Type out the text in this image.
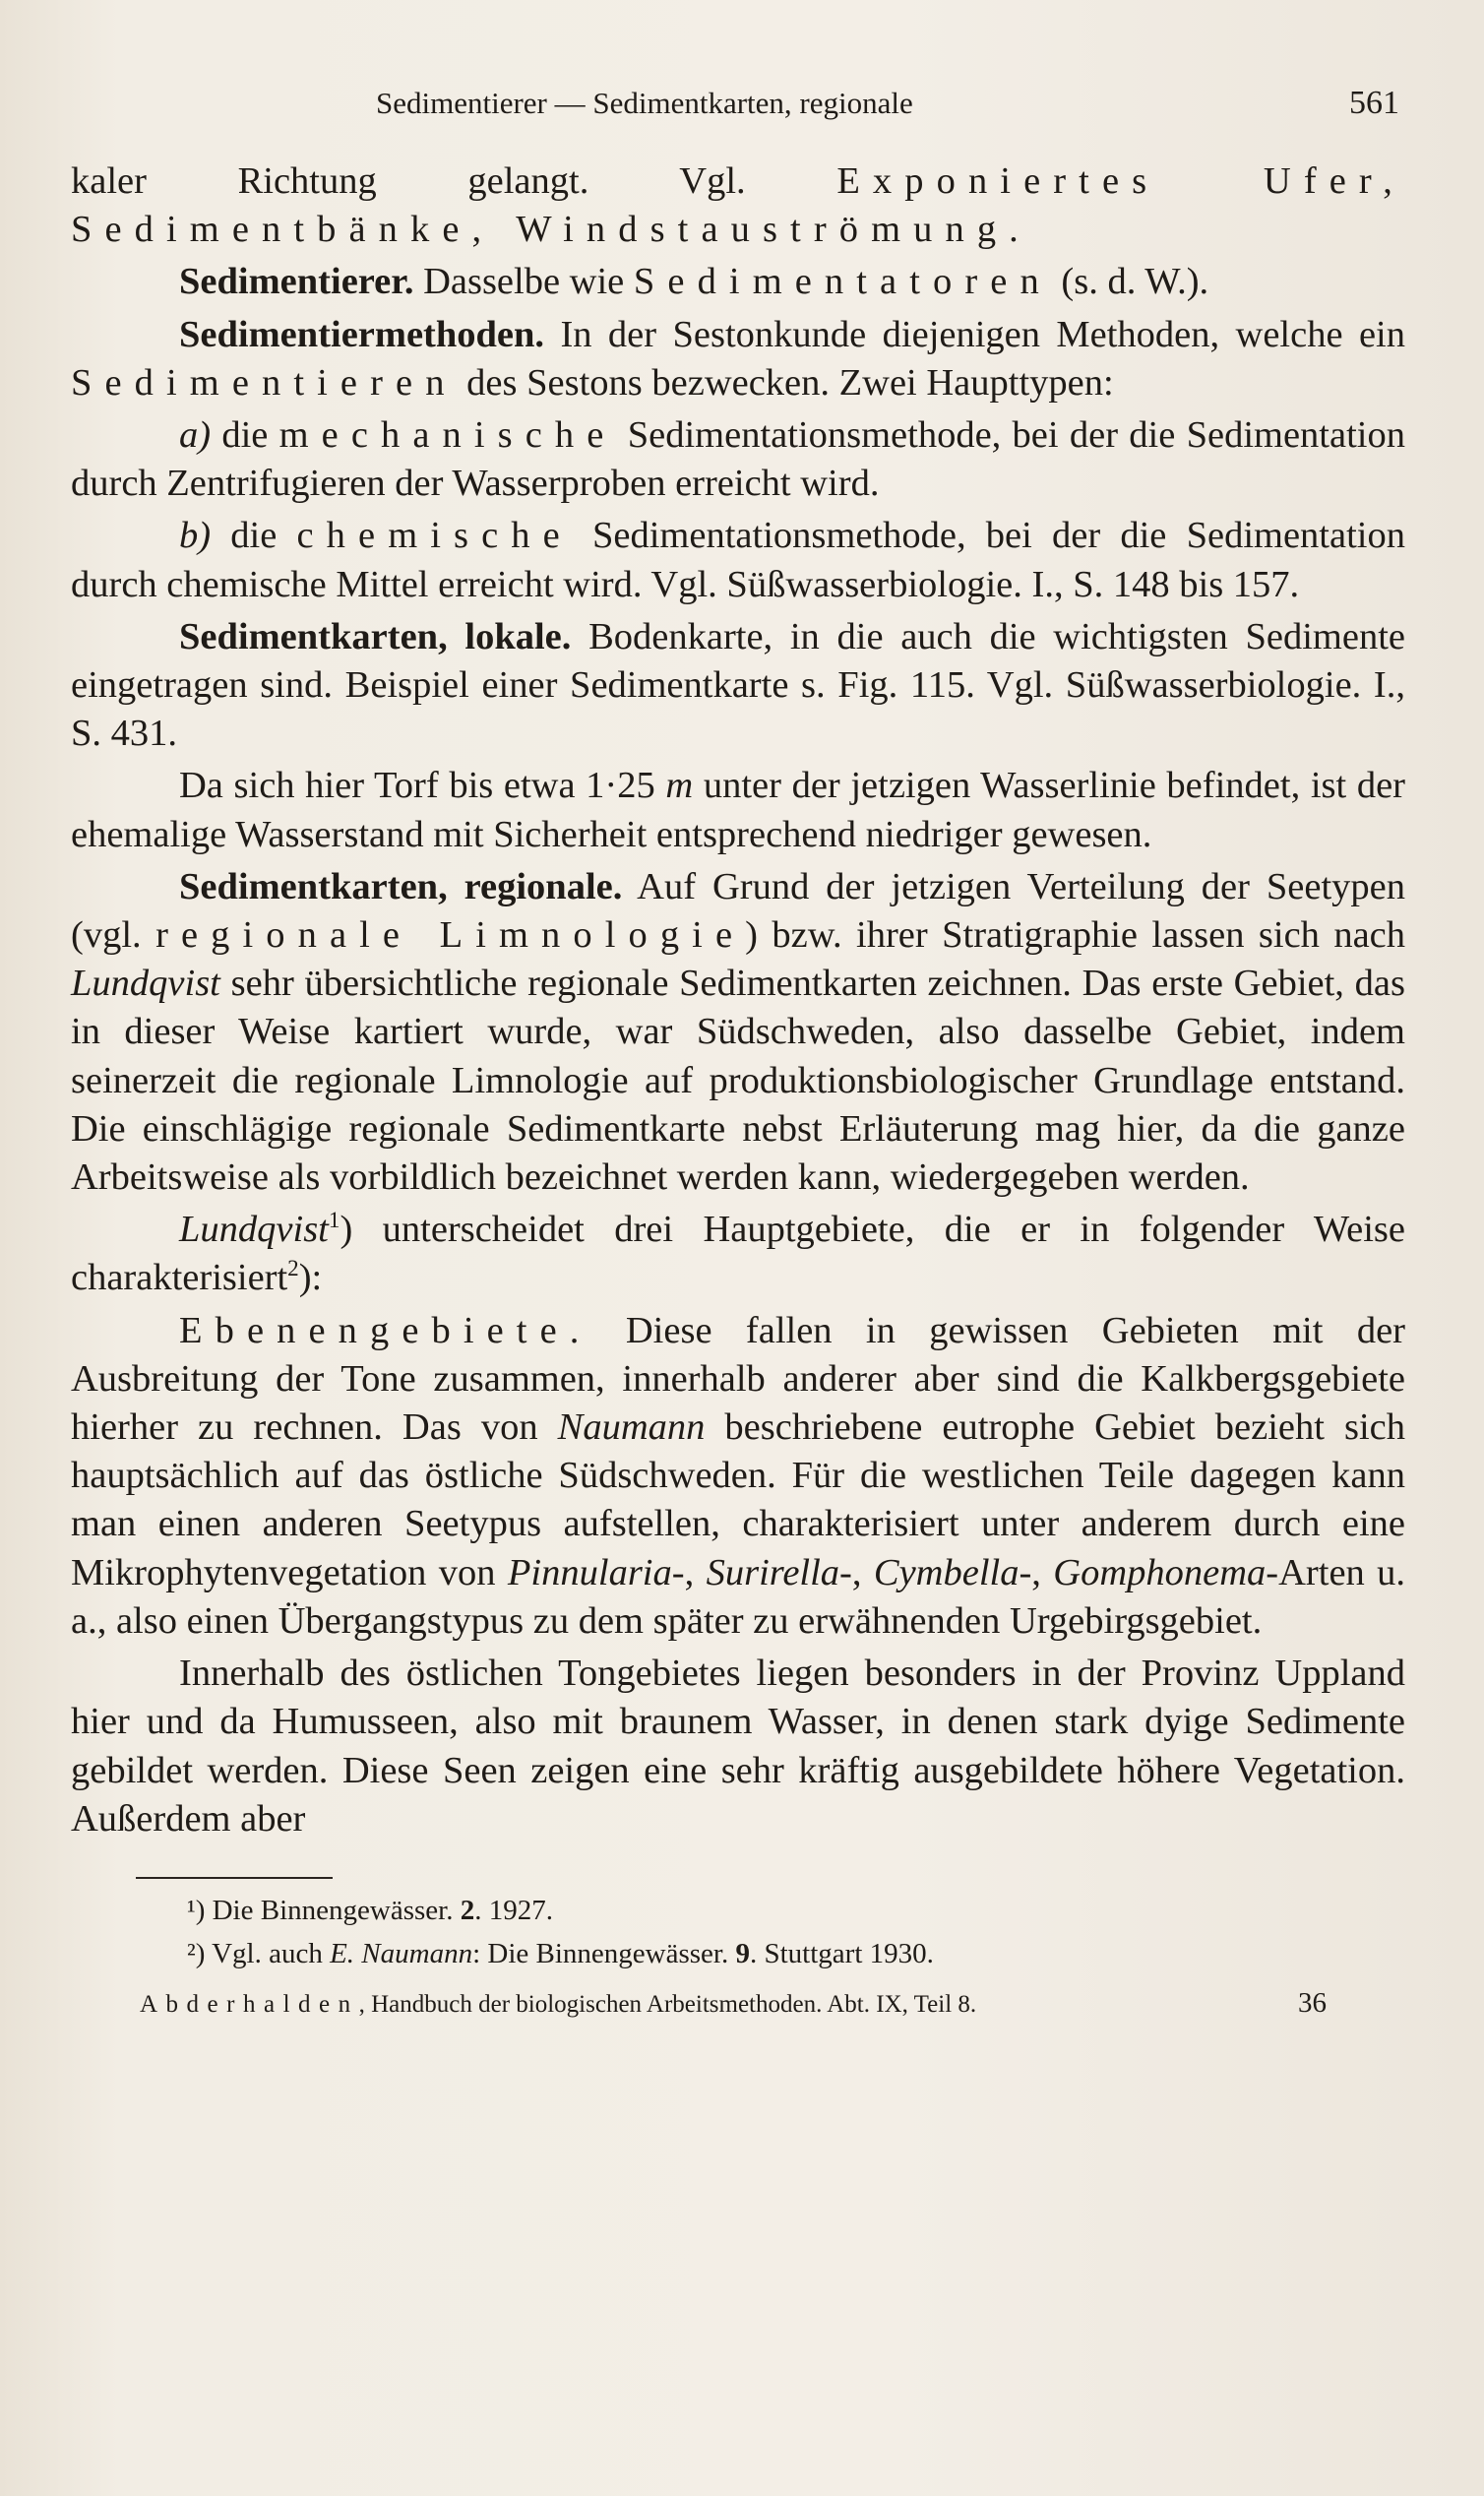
Sedimentierer — Sedimentkarten, regionale	561

kaler Richtung gelangt. Vgl. Exponiertes Ufer, Sedimentbänke, Windstauströmung.

Sedimentierer. Dasselbe wie Sedimentatoren (s. d. W.).

Sedimentiermethoden. In der Sestonkunde diejenigen Methoden, welche ein Sedimentieren des Sestons bezwecken. Zwei Haupttypen:

a) die mechanische Sedimentationsmethode, bei der die Sedimentation durch Zentrifugieren der Wasserproben erreicht wird.

b) die chemische Sedimentationsmethode, bei der die Sedimentation durch chemische Mittel erreicht wird. Vgl. Süßwasserbiologie. I., S. 148 bis 157.

Sedimentkarten, lokale. Bodenkarte, in die auch die wichtigsten Sedimente eingetragen sind. Beispiel einer Sedimentkarte s. Fig. 115. Vgl. Süßwasserbiologie. I., S. 431.

Da sich hier Torf bis etwa 1·25 m unter der jetzigen Wasserlinie befindet, ist der ehemalige Wasserstand mit Sicherheit entsprechend niedriger gewesen.

Sedimentkarten, regionale. Auf Grund der jetzigen Verteilung der Seetypen (vgl. regionale Limnologie) bzw. ihrer Stratigraphie lassen sich nach Lundqvist sehr übersichtliche regionale Sedimentkarten zeichnen. Das erste Gebiet, das in dieser Weise kartiert wurde, war Südschweden, also dasselbe Gebiet, indem seinerzeit die regionale Limnologie auf produktionsbiologischer Grundlage entstand. Die einschlägige regionale Sedimentkarte nebst Erläuterung mag hier, da die ganze Arbeitsweise als vorbildlich bezeichnet werden kann, wiedergegeben werden.

Lundqvist$^1$) unterscheidet drei Hauptgebiete, die er in folgender Weise charakterisiert$^2$):

Ebenengebiete. Diese fallen in gewissen Gebieten mit der Ausbreitung der Tone zusammen, innerhalb anderer aber sind die Kalkbergsgebiete hierher zu rechnen. Das von Naumann beschriebene eutrophe Gebiet bezieht sich hauptsächlich auf das östliche Südschweden. Für die westlichen Teile dagegen kann man einen anderen Seetypus aufstellen, charakterisiert unter anderem durch eine Mikrophytenvegetation von Pinnularia-, Surirella-, Cymbella-, Gomphonema-Arten u. a., also einen Übergangstypus zu dem später zu erwähnenden Urgebirgsgebiet.

Innerhalb des östlichen Tongebietes liegen besonders in der Provinz Uppland hier und da Humusseen, also mit braunem Wasser, in denen stark dyige Sedimente gebildet werden. Diese Seen zeigen eine sehr kräftig ausgebildete höhere Vegetation. Außerdem aber

¹) Die Binnengewässer. 2. 1927.

²) Vgl. auch E. Naumann: Die Binnengewässer. 9. Stuttgart 1930.

Abderhalden, Handbuch der biologischen Arbeitsmethoden. Abt. IX, Teil 8.	36
